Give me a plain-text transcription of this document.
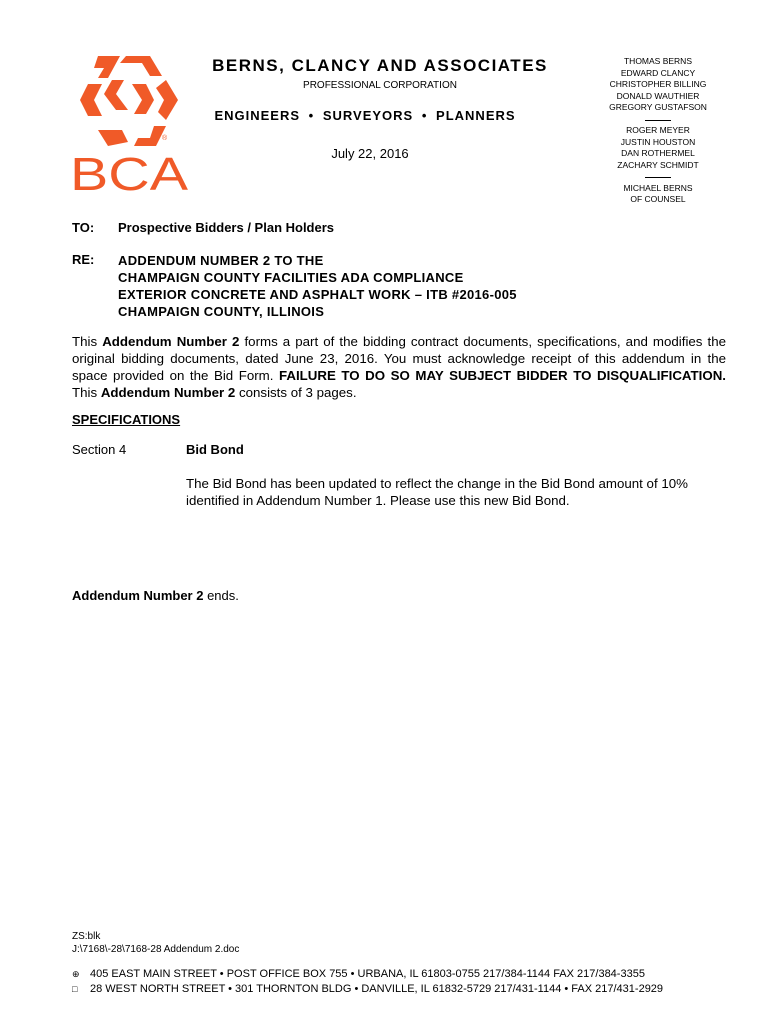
®
BCA
BERNS, CLANCY AND ASSOCIATES
PROFESSIONAL CORPORATION
ENGINEERS • SURVEYORS • PLANNERS
July 22, 2016
THOMAS BERNS
EDWARD CLANCY
CHRISTOPHER BILLING
DONALD WAUTHIER
GREGORY GUSTAFSON
ROGER MEYER
JUSTIN HOUSTON
DAN ROTHERMEL
ZACHARY SCHMIDT
MICHAEL BERNS
OF COUNSEL
TO: Prospective Bidders / Plan Holders
RE: ADDENDUM NUMBER 2 TO THE
CHAMPAIGN COUNTY FACILITIES ADA COMPLIANCE
EXTERIOR CONCRETE AND ASPHALT WORK – ITB #2016-005
CHAMPAIGN COUNTY, ILLINOIS
This Addendum Number 2 forms a part of the bidding contract documents, specifications, and modifies the original bidding documents, dated June 23, 2016. You must acknowledge receipt of this addendum in the space provided on the Bid Form. FAILURE TO DO SO MAY SUBJECT BIDDER TO DISQUALIFICATION. This Addendum Number 2 consists of 3 pages.
SPECIFICATIONS
Section 4	Bid Bond
The Bid Bond has been updated to reflect the change in the Bid Bond amount of 10% identified in Addendum Number 1. Please use this new Bid Bond.
Addendum Number 2 ends.
ZS:blk
J:\7168\-28\7168-28 Addendum 2.doc
⊕ 405 EAST MAIN STREET • POST OFFICE BOX 755 • URBANA, IL 61803-0755 217/384-1144 FAX 217/384-3355
□ 28 WEST NORTH STREET • 301 THORNTON BLDG • DANVILLE, IL 61832-5729 217/431-1144 • FAX 217/431-2929
